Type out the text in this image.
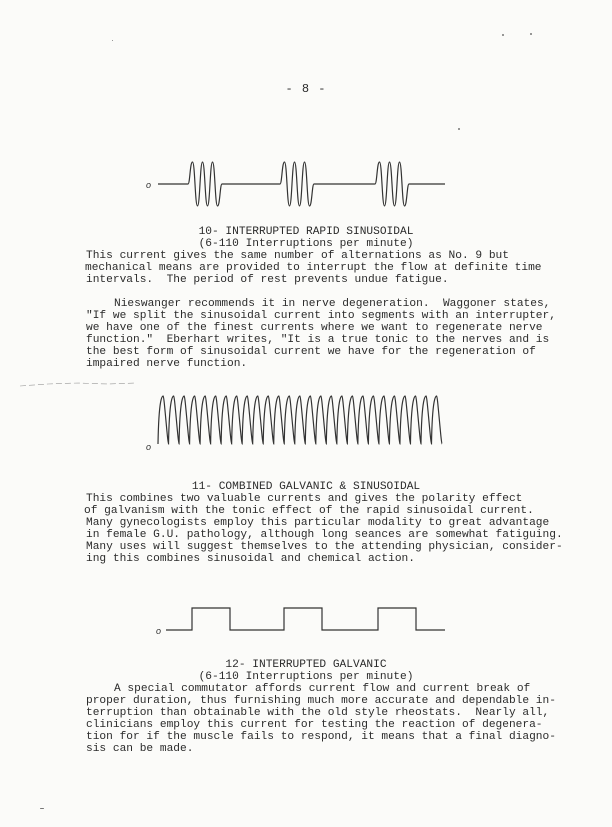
- 8 -
o
10- INTERRUPTED RAPID SINUSOIDAL
(6-110 Interruptions per minute)
This current gives the same number of alternations as No. 9 but
mechanical means are provided to interrupt the flow at definite time
intervals.  The period of rest prevents undue fatigue.
Nieswanger recommends it in nerve degeneration.  Waggoner states,
"If we split the sinusoidal current into segments with an interrupter,
we have one of the finest currents where we want to regenerate nerve
function."  Eberhart writes, "It is a true tonic to the nerves and is
the best form of sinusoidal current we have for the regeneration of
impaired nerve function.
o
11- COMBINED GALVANIC & SINUSOIDAL
This combines two valuable currents and gives the polarity effect
of galvanism with the tonic effect of the rapid sinusoidal current.
Many gynecologists employ this particular modality to great advantage
in female G.U. pathology, although long seances are somewhat fatiguing.
Many uses will suggest themselves to the attending physician, consider-
ing this combines sinusoidal and chemical action.
o
12- INTERRUPTED GALVANIC
(6-110 Interruptions per minute)
A special commutator affords current flow and current break of
proper duration, thus furnishing much more accurate and dependable in-
terruption than obtainable with the old style rheostats.  Nearly all,
clinicians employ this current for testing the reaction of degenera-
tion for if the muscle fails to respond, it means that a final diagno-
sis can be made.
